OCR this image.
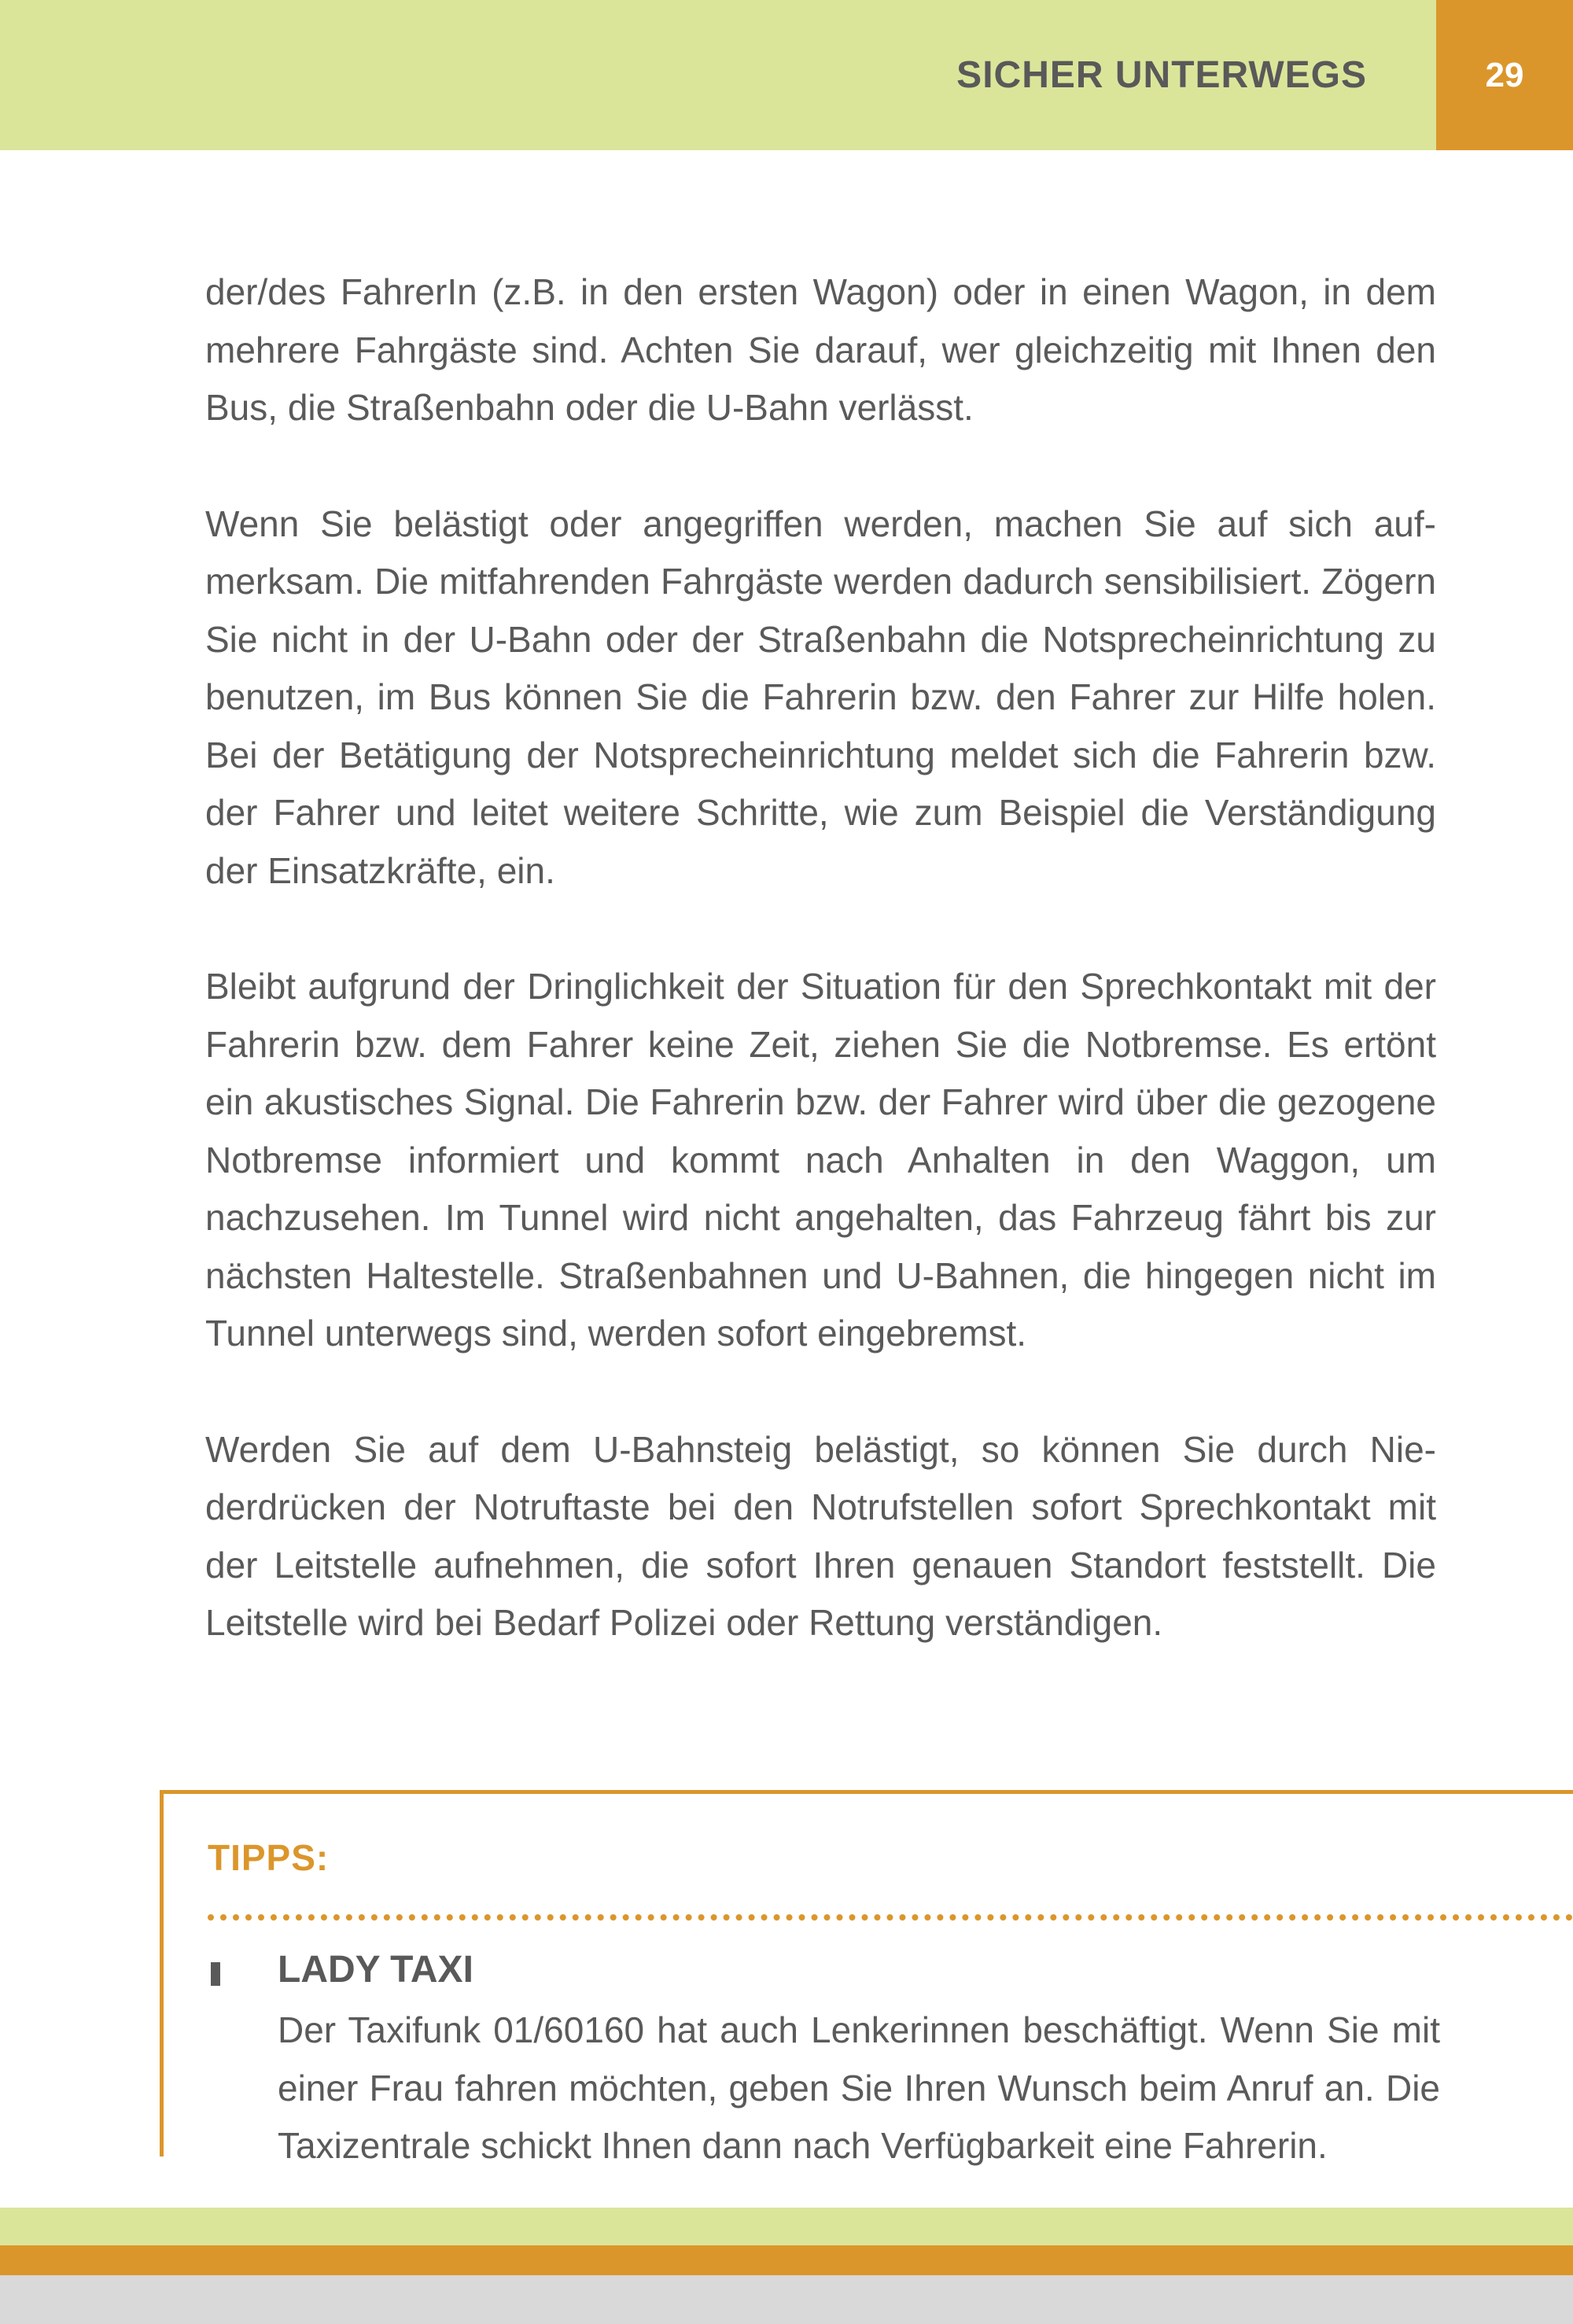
SICHER UNTERWEGS	29

der/des FahrerIn (z.B. in den ersten Wagon) oder in einen Wagon, in dem mehrere Fahrgäste sind. Achten Sie darauf, wer gleichzeitig mit Ihnen den Bus, die Straßenbahn oder die U-Bahn verlässt.

Wenn Sie belästigt oder angegriffen werden, machen Sie auf sich aufmerksam. Die mitfahrenden Fahrgäste werden dadurch sensibilisiert. Zögern Sie nicht in der U-Bahn oder der Straßenbahn die Notsprecheinrichtung zu benutzen, im Bus können Sie die Fahrerin bzw. den Fahrer zur Hilfe holen. Bei der Betätigung der Notsprecheinrichtung meldet sich die Fahrerin bzw. der Fahrer und leitet weitere Schritte, wie zum Beispiel die Verständigung der Einsatzkräfte, ein.

Bleibt aufgrund der Dringlichkeit der Situation für den Sprechkontakt mit der Fahrerin bzw. dem Fahrer keine Zeit, ziehen Sie die Notbremse. Es ertönt ein akustisches Signal. Die Fahrerin bzw. der Fahrer wird über die gezogene Notbremse informiert und kommt nach Anhalten in den Waggon, um nachzusehen. Im Tunnel wird nicht angehalten, das Fahrzeug fährt bis zur nächsten Haltestelle. Straßenbahnen und U-Bahnen, die hingegen nicht im Tunnel unterwegs sind, werden sofort eingebremst.

Werden Sie auf dem U-Bahnsteig belästigt, so können Sie durch Niederdrücken der Notruftaste bei den Notrufstellen sofort Sprechkontakt mit der Leitstelle aufnehmen, die sofort Ihren genauen Standort feststellt. Die Leitstelle wird bei Bedarf Polizei oder Rettung verständigen.

TIPPS:
LADY TAXI

Der Taxifunk 01/60160 hat auch Lenkerinnen beschäftigt. Wenn Sie mit einer Frau fahren möchten, geben Sie Ihren Wunsch beim Anruf an. Die Taxizentrale schickt Ihnen dann nach Verfügbarkeit eine Fahrerin.
